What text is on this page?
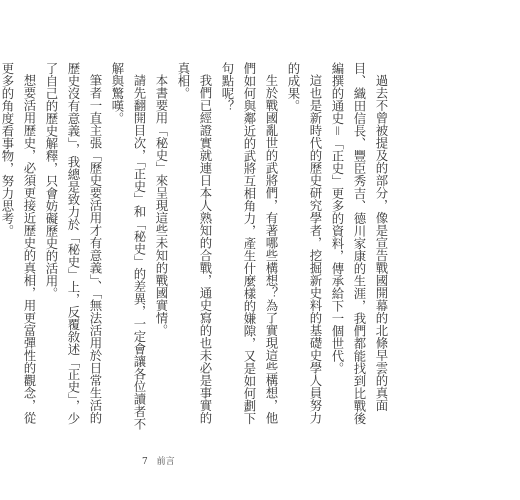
過去不曾被提及的部分，像是宣告戰國開幕的北條早雲的真面目、織田信長、豐臣秀吉、德川家康的生涯，我們都能找到比戰後編撰的通史＝「正史」更多的資料，傳承給下一個世代。

這也是新時代的歷史研究學者，挖掘新史料的基礎史學人員努力的成果。

生於戰國亂世的武將們，有著哪些構想？為了實現這些構想，他們如何與鄰近的武將互相角力，產生什麼樣的嫌隙，又是如何劃下句點呢？

我們已經證實就連日本人熟知的合戰，通史寫的也未必是事實的真相。

本書要用「秘史」來呈現這些未知的戰國實情。

請先翻開目次，「正史」和「秘史」的差異，一定會讓各位讀者不解與驚嘆。

筆者一直主張「歷史要活用才有意義」、「無法活用於日常生活的歷史沒有意義」，我總是致力於「秘史」上，反覆敘述「正史」，少了自己的歷史解釋，只會妨礙歷史的活用。

想要活用歷史，必須更接近歷史的真相，用更富彈性的觀念，從更多的角度看事物，努力思考。

7 前言
